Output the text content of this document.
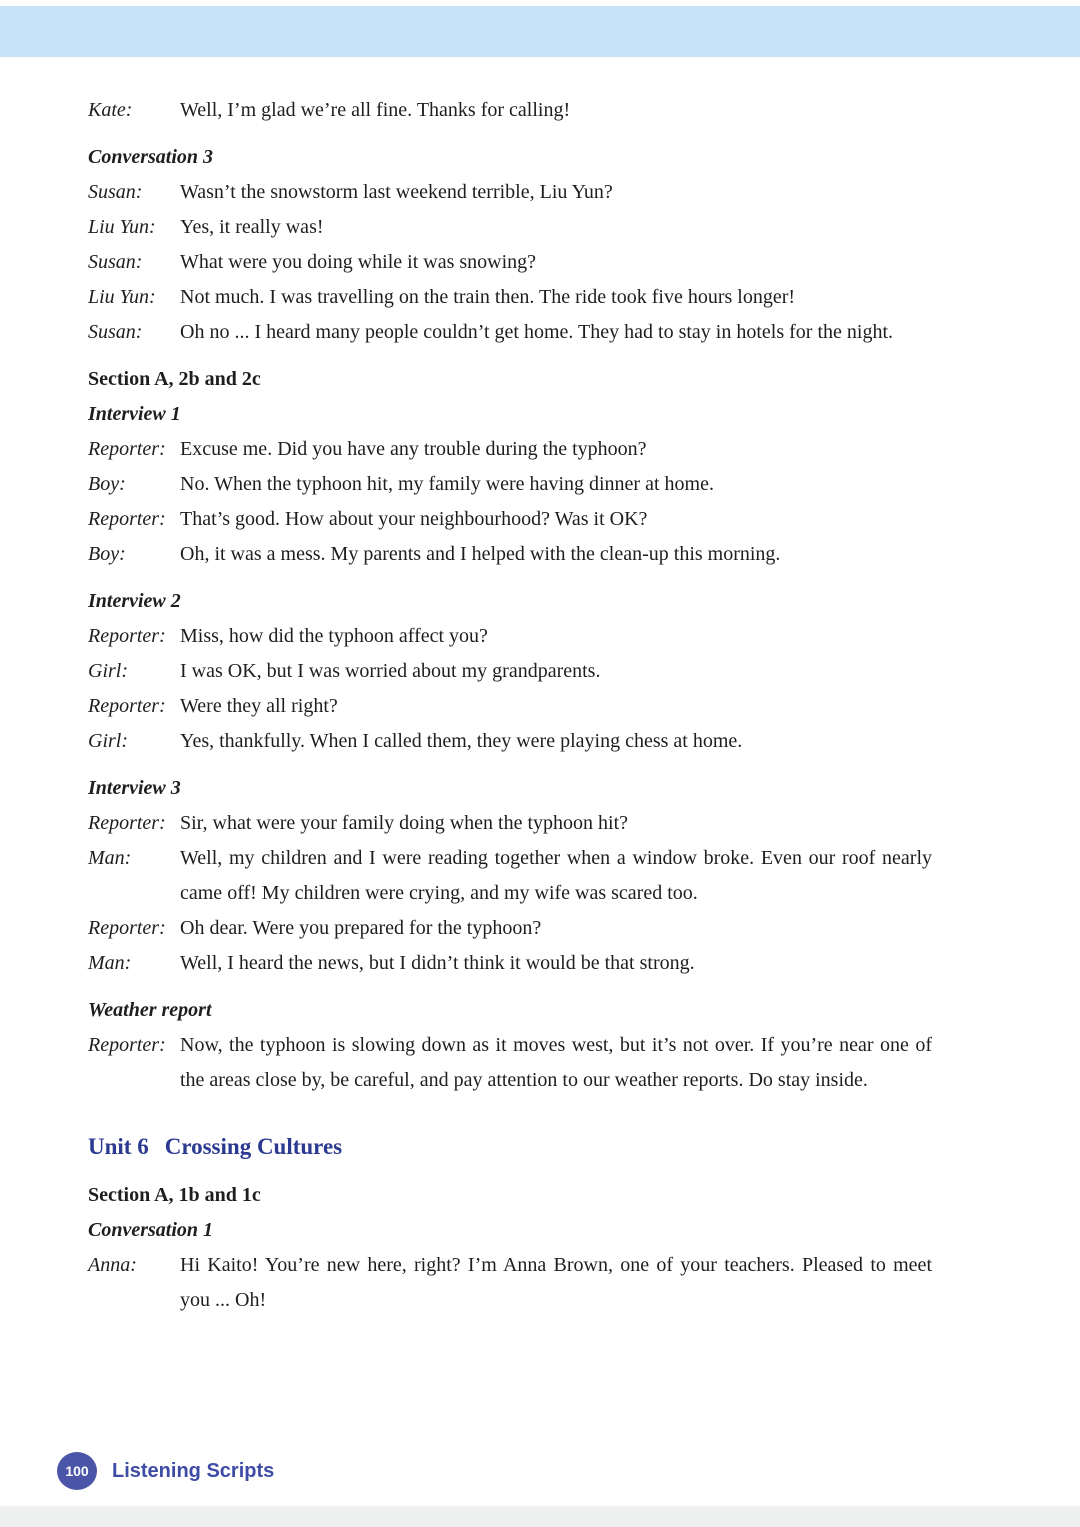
Kate:	Well, I’m glad we’re all fine. Thanks for calling!
Conversation 3
Susan:	Wasn’t the snowstorm last weekend terrible, Liu Yun?
Liu Yun:	Yes, it really was!
Susan:	What were you doing while it was snowing?
Liu Yun:	Not much. I was travelling on the train then. The ride took five hours longer!
Susan:	Oh no ... I heard many people couldn’t get home. They had to stay in hotels for the night.
Section A, 2b and 2c
Interview 1
Reporter: Excuse me. Did you have any trouble during the typhoon?
Boy:	No. When the typhoon hit, my family were having dinner at home.
Reporter: That’s good. How about your neighbourhood? Was it OK?
Boy:	Oh, it was a mess. My parents and I helped with the clean-up this morning.
Interview 2
Reporter: Miss, how did the typhoon affect you?
Girl:	I was OK, but I was worried about my grandparents.
Reporter: Were they all right?
Girl:	Yes, thankfully. When I called them, they were playing chess at home.
Interview 3
Reporter: Sir, what were your family doing when the typhoon hit?
Man:	Well, my children and I were reading together when a window broke. Even our roof nearly came off! My children were crying, and my wife was scared too.
Reporter: Oh dear. Were you prepared for the typhoon?
Man:	Well, I heard the news, but I didn’t think it would be that strong.
Weather report
Reporter: Now, the typhoon is slowing down as it moves west, but it’s not over. If you’re near one of the areas close by, be careful, and pay attention to our weather reports. Do stay inside.
Unit 6 Crossing Cultures
Section A, 1b and 1c
Conversation 1
Anna:	Hi Kaito! You’re new here, right? I’m Anna Brown, one of your teachers. Pleased to meet you ... Oh!
100	Listening Scripts
